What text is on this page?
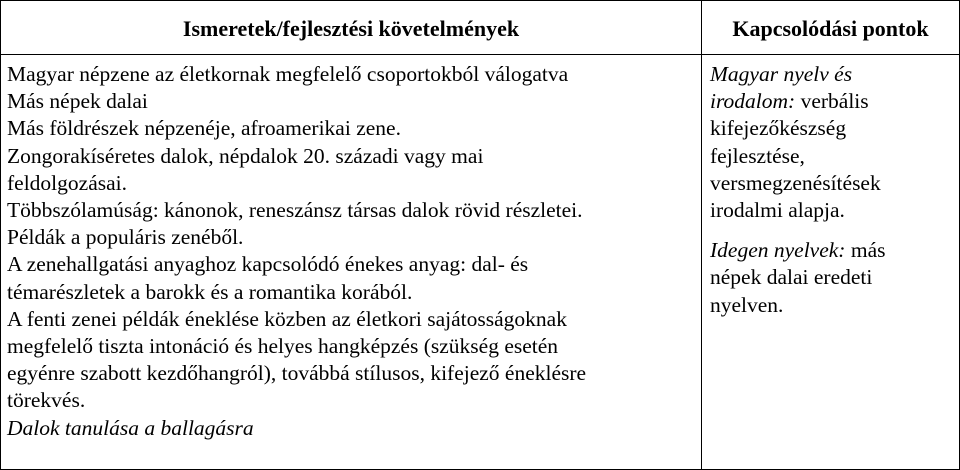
Ismeretek/fejlesztési követelmények	Kapcsolódási pontok
Magyar népzene az életkornak megfelelő csoportokból válogatva
Más népek dalai
Más földrészek népzenéje, afroamerikai zene.
Zongorakíséretes dalok, népdalok 20. századi vagy mai
feldolgozásai.
Többszólamúság: kánonok, reneszánsz társas dalok rövid részletei.
Példák a populáris zenéből.
A zenehallgatási anyaghoz kapcsolódó énekes anyag: dal- és
témarészletek a barokk és a romantika korából.
A fenti zenei példák éneklése közben az életkori sajátosságoknak
megfelelő tiszta intonáció és helyes hangképzés (szükség esetén
egyénre szabott kezdőhangról), továbbá stílusos, kifejező éneklésre
törekvés.
Dalok tanulása a ballagásra
Magyar nyelv és
irodalom: verbális
kifejezőkészség
fejlesztése,
versmegzenésítések
irodalmi alapja.
Idegen nyelvek: más
népek dalai eredeti
nyelven.
